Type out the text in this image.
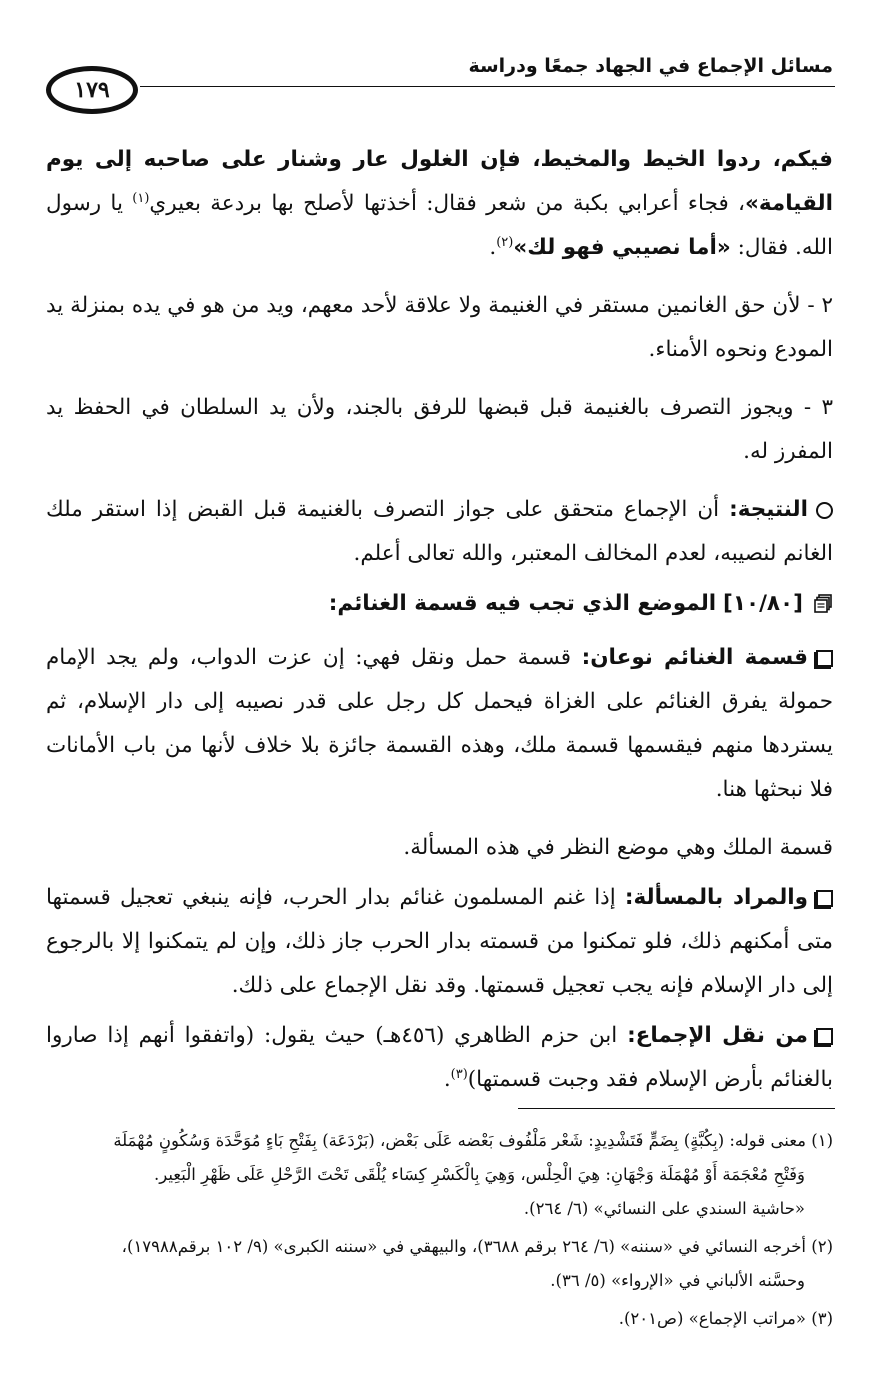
مسائل الإجماع في الجهاد جمعًا ودراسة
١٧٩

فيكم، ردوا الخيط والمخيط، فإن الغلول عار وشنار على صاحبه إلى يوم القيامة»، فجاء أعرابي بكبة من شعر فقال: أخذتها لأصلح بها بردعة بعيري$^{(١)}$ يا رسول الله. فقال: «أما نصيبي فهو لك»$^{(٢)}$.

٢ - لأن حق الغانمين مستقر في الغنيمة ولا علاقة لأحد معهم، ويد من هو في يده بمنزلة يد المودع ونحوه الأمناء.

٣ - ويجوز التصرف بالغنيمة قبل قبضها للرفق بالجند، ولأن يد السلطان في الحفظ يد المفرز له.

النتيجة: أن الإجماع متحقق على جواز التصرف بالغنيمة قبل القبض إذا استقر ملك الغانم لنصيبه، لعدم المخالف المعتبر، والله تعالى أعلم.

[١٠/٨٠] الموضع الذي تجب فيه قسمة الغنائم:

قسمة الغنائم نوعان: قسمة حمل ونقل فهي: إن عزت الدواب، ولم يجد الإمام حمولة يفرق الغنائم على الغزاة فيحمل كل رجل على قدر نصيبه إلى دار الإسلام، ثم يستردها منهم فيقسمها قسمة ملك، وهذه القسمة جائزة بلا خلاف لأنها من باب الأمانات فلا نبحثها هنا.

قسمة الملك وهي موضع النظر في هذه المسألة.

والمراد بالمسألة: إذا غنم المسلمون غنائم بدار الحرب، فإنه ينبغي تعجيل قسمتها متى أمكنهم ذلك، فلو تمكنوا من قسمته بدار الحرب جاز ذلك، وإن لم يتمكنوا إلا بالرجوع إلى دار الإسلام فإنه يجب تعجيل قسمتها. وقد نقل الإجماع على ذلك.

من نقل الإجماع: ابن حزم الظاهري (٤٥٦هـ) حيث يقول: (واتفقوا أنهم إذا صاروا بالغنائم بأرض الإسلام فقد وجبت قسمتها)$^{(٣)}$.

(١) معنى قوله: (بِكُبَّةٍ) بِضَمٍّ فَتَشْدِيدٍ: شَعْر مَلْفُوف بَعْضه عَلَى بَعْض، (بَرْدَعَة) بِفَتْحِ بَاءٍ مُوَحَّدَة وَسُكُونٍ مُهْمَلَة
وَفَتْحِ مُعْجَمَة أَوْ مُهْمَلَة وَجْهَانِ: هِيَ الْحِلْس، وَهِيَ بِالْكَسْرِ كِسَاء يُلْقَى تَحْتَ الرَّحْلِ عَلَى ظَهْرِ الْبَعِير.
«حاشية السندي على النسائي» (٦/ ٢٦٤).
(٢) أخرجه النسائي في «سننه» (٦/ ٢٦٤ برقم ٣٦٨٨)، والبيهقي في «سننه الكبرى» (٩/ ١٠٢ برقم١٧٩٨٨)،
وحسَّنه الألباني في «الإرواء» (٥/ ٣٦).
(٣) «مراتب الإجماع» (ص٢٠١).
